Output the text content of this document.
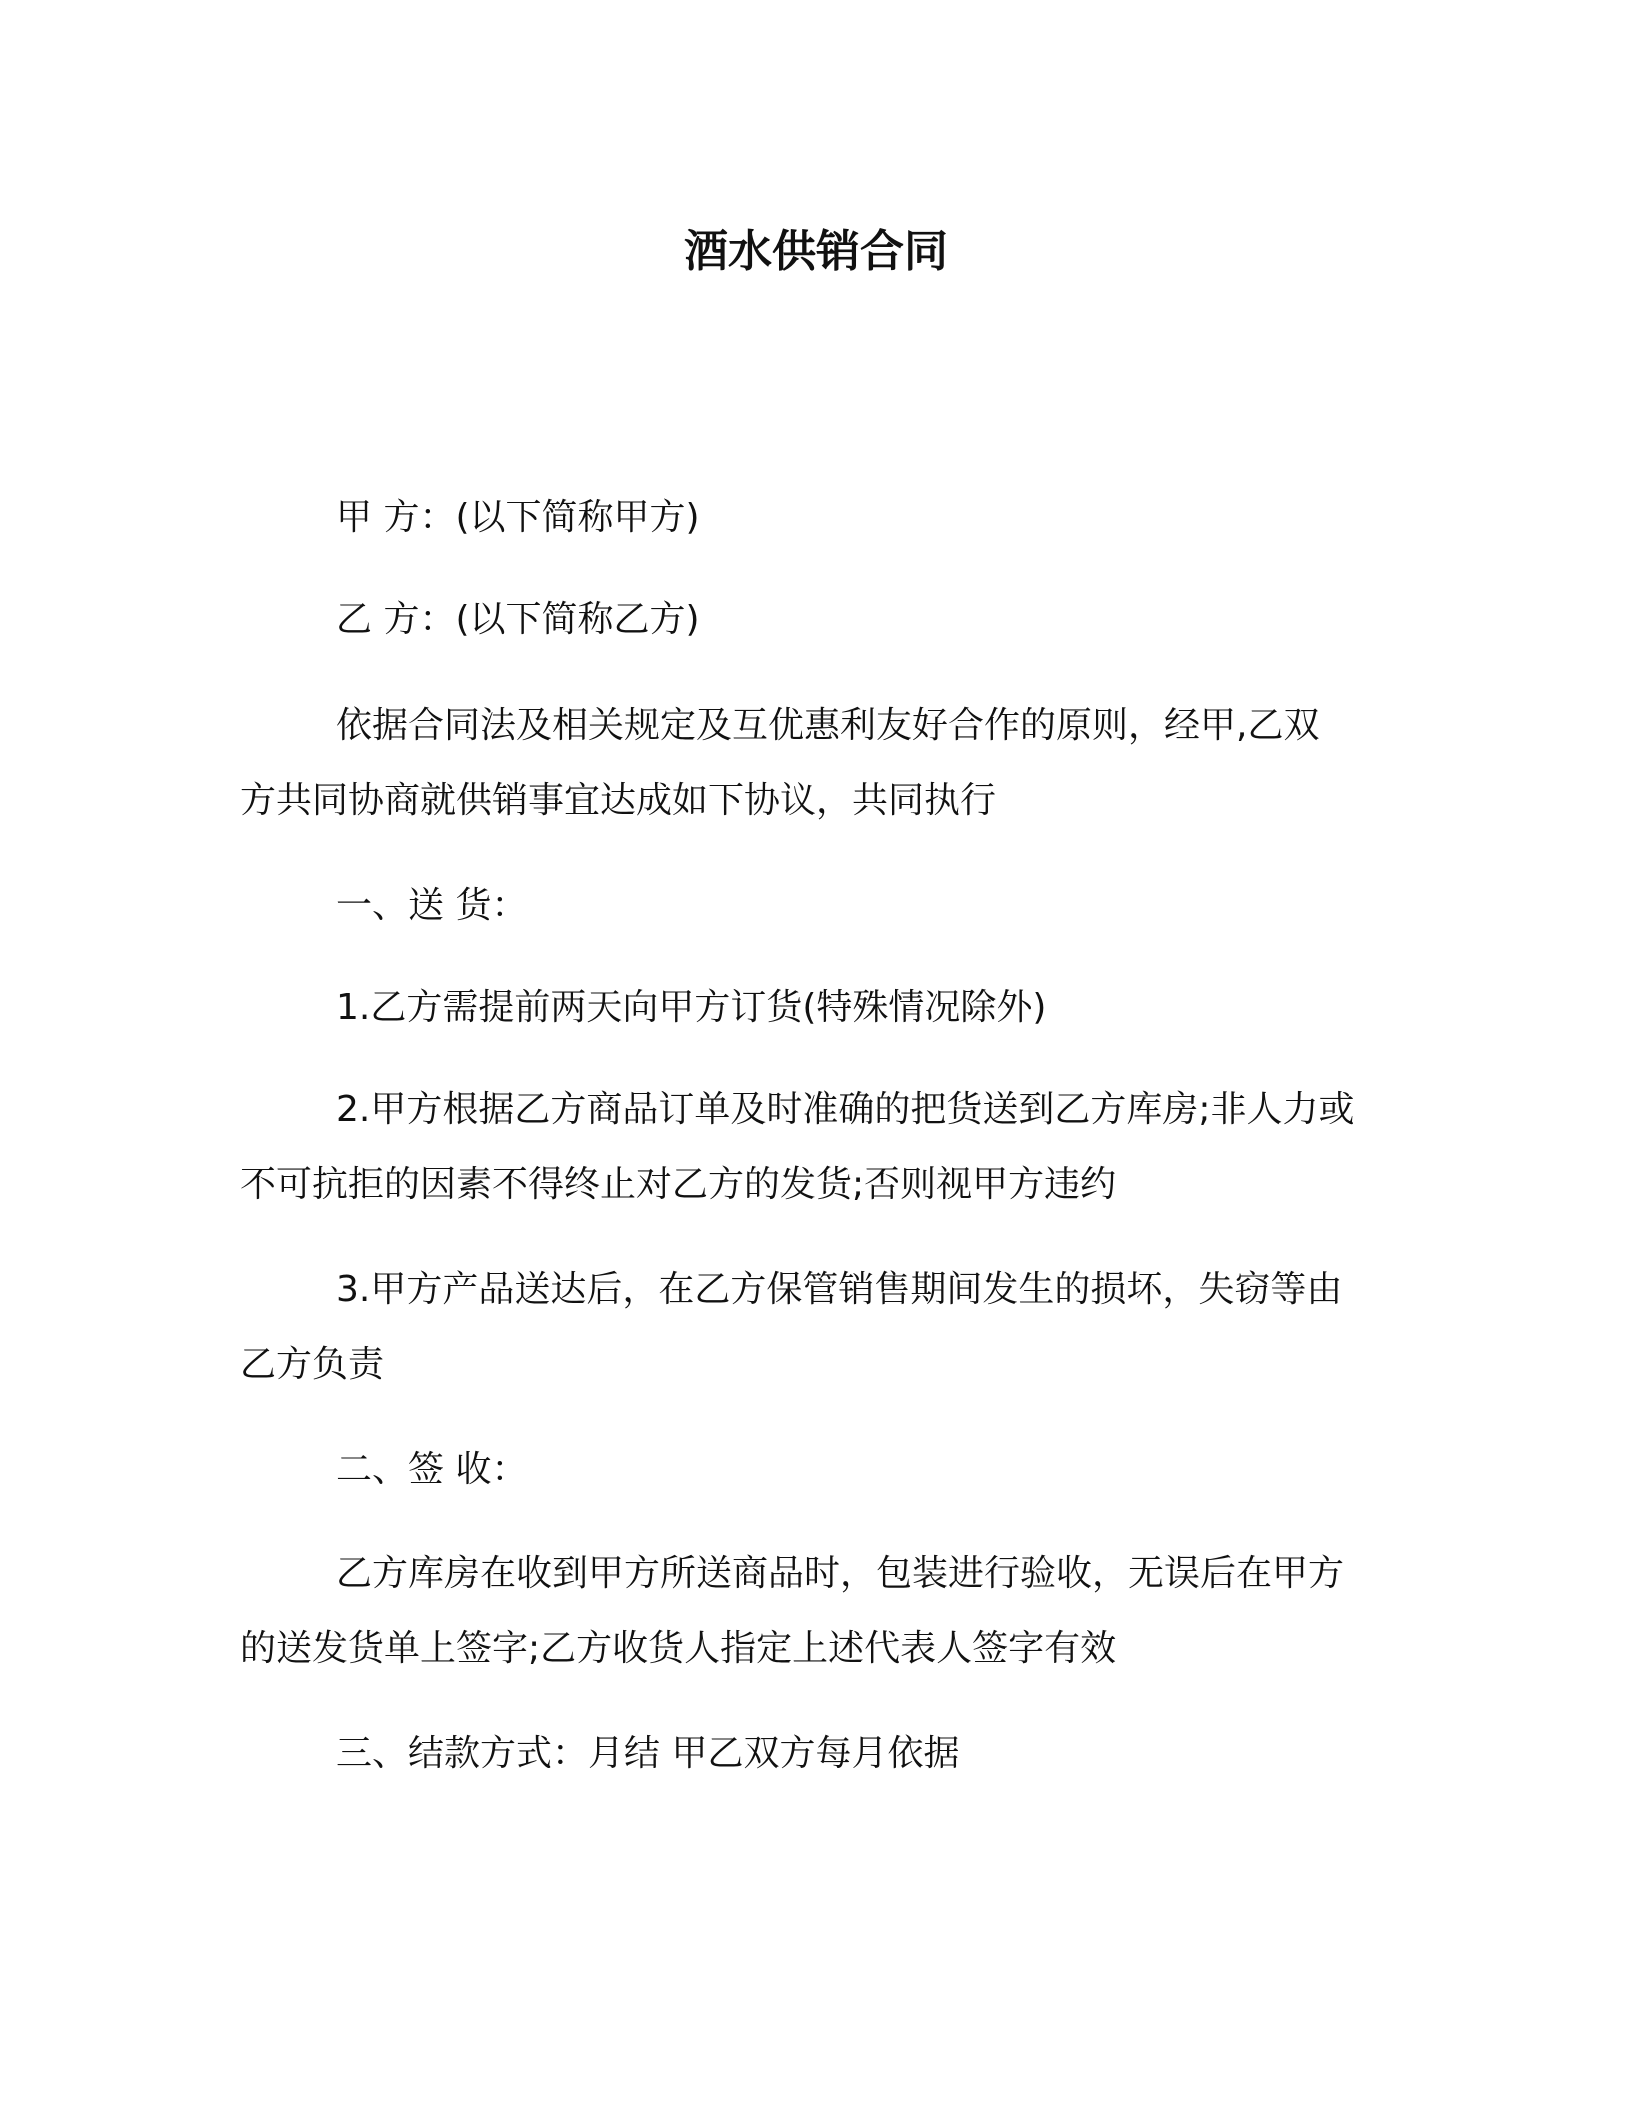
酒水供销合同

甲 方：(以下简称甲方)

乙 方：(以下简称乙方)

依据合同法及相关规定及互优惠利友好合作的原则，经甲,乙双
方共同协商就供销事宜达成如下协议，共同执行

一、送 货：

1.乙方需提前两天向甲方订货(特殊情况除外)

2.甲方根据乙方商品订单及时准确的把货送到乙方库房;非人力或
不可抗拒的因素不得终止对乙方的发货;否则视甲方违约
3.甲方产品送达后，在乙方保管销售期间发生的损坏，失窃等由
乙方负责

二、签 收：

乙方库房在收到甲方所送商品时，包装进行验收，无误后在甲方
的送发货单上签字;乙方收货人指定上述代表人签字有效

三、结款方式：月结 甲乙双方每月依据
